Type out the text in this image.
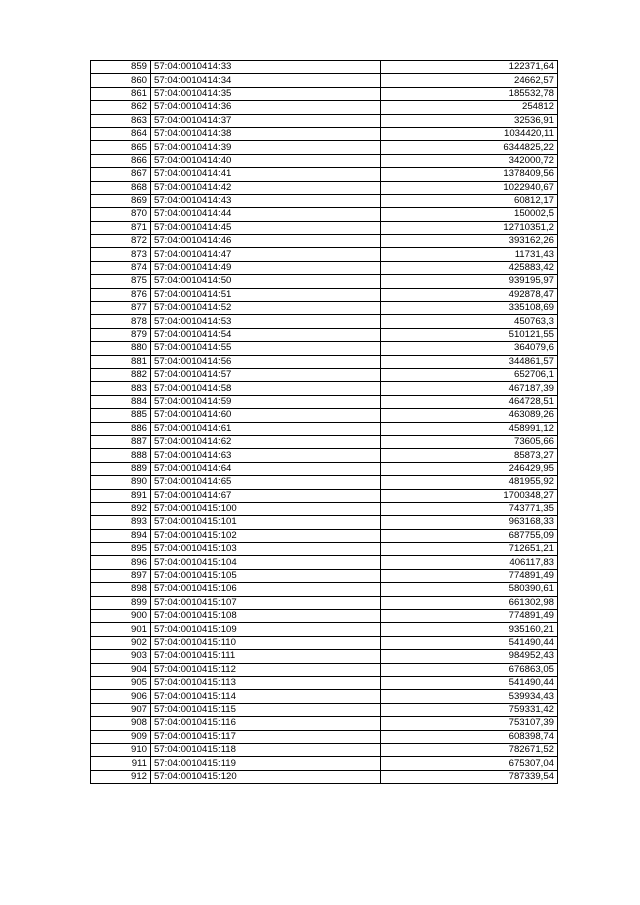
859	57:04:0010414:33	122371,64
860	57:04:0010414:34	24662,57
861	57:04:0010414:35	185532,78
862	57:04:0010414:36	254812
863	57:04:0010414:37	32536,91
864	57:04:0010414:38	1034420,11
865	57:04:0010414:39	6344825,22
866	57:04:0010414:40	342000,72
867	57:04:0010414:41	1378409,56
868	57:04:0010414:42	1022940,67
869	57:04:0010414:43	60812,17
870	57:04:0010414:44	150002,5
871	57:04:0010414:45	12710351,2
872	57:04:0010414:46	393162,26
873	57:04:0010414:47	11731,43
874	57:04:0010414:49	425883,42
875	57:04:0010414:50	939195,97
876	57:04:0010414:51	492878,47
877	57:04:0010414:52	335108,69
878	57:04:0010414:53	450763,3
879	57:04:0010414:54	510121,55
880	57:04:0010414:55	364079,6
881	57:04:0010414:56	344861,57
882	57:04:0010414:57	652706,1
883	57:04:0010414:58	467187,39
884	57:04:0010414:59	464728,51
885	57:04:0010414:60	463089,26
886	57:04:0010414:61	458991,12
887	57:04:0010414:62	73605,66
888	57:04:0010414:63	85873,27
889	57:04:0010414:64	246429,95
890	57:04:0010414:65	481955,92
891	57:04:0010414:67	1700348,27
892	57:04:0010415:100	743771,35
893	57:04:0010415:101	963168,33
894	57:04:0010415:102	687755,09
895	57:04:0010415:103	712651,21
896	57:04:0010415:104	406117,83
897	57:04:0010415:105	774891,49
898	57:04:0010415:106	580390,61
899	57:04:0010415:107	661302,98
900	57:04:0010415:108	774891,49
901	57:04:0010415:109	935160,21
902	57:04:0010415:110	541490,44
903	57:04:0010415:111	984952,43
904	57:04:0010415:112	676863,05
905	57:04:0010415:113	541490,44
906	57:04:0010415:114	539934,43
907	57:04:0010415:115	759331,42
908	57:04:0010415:116	753107,39
909	57:04:0010415:117	608398,74
910	57:04:0010415:118	782671,52
911	57:04:0010415:119	675307,04
912	57:04:0010415:120	787339,54
